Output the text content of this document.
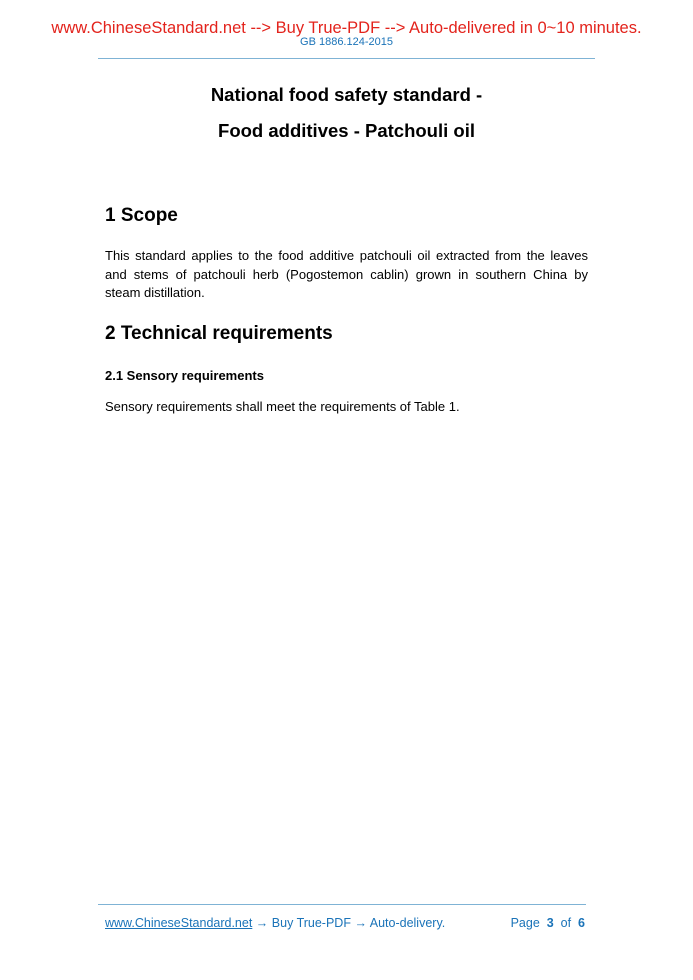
www.ChineseStandard.net --> Buy True-PDF --> Auto-delivered in 0~10 minutes.
GB 1886.124-2015
National food safety standard -
Food additives - Patchouli oil
1 Scope
This standard applies to the food additive patchouli oil extracted from the leaves and stems of patchouli herb (Pogostemon cablin) grown in southern China by steam distillation.
2 Technical requirements
2.1 Sensory requirements
Sensory requirements shall meet the requirements of Table 1.
www.ChineseStandard.net → Buy True-PDF → Auto-delivery.	Page 3 of 6
